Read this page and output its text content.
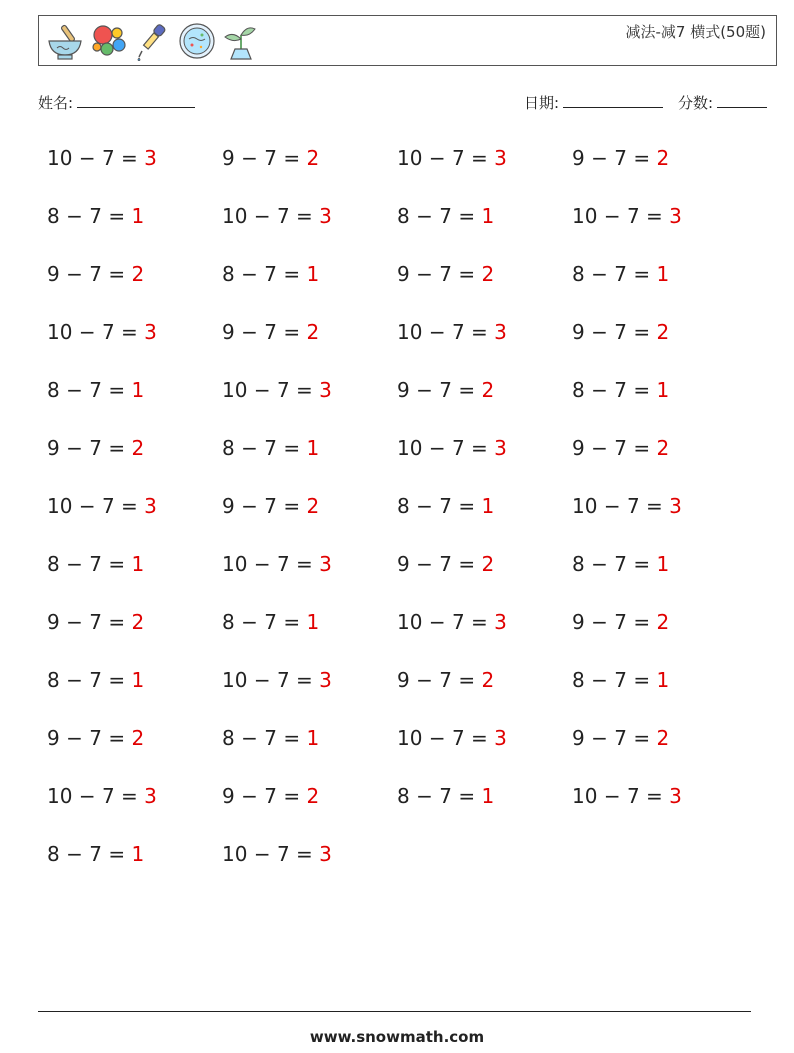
减法-减7 横式(50题)
姓名:	日期:	分数:
10 − 7 = 3	9 − 7 = 2	10 − 7 = 3	9 − 7 = 2
8 − 7 = 1	10 − 7 = 3	8 − 7 = 1	10 − 7 = 3
9 − 7 = 2	8 − 7 = 1	9 − 7 = 2	8 − 7 = 1
10 − 7 = 3	9 − 7 = 2	10 − 7 = 3	9 − 7 = 2
8 − 7 = 1	10 − 7 = 3	9 − 7 = 2	8 − 7 = 1
9 − 7 = 2	8 − 7 = 1	10 − 7 = 3	9 − 7 = 2
10 − 7 = 3	9 − 7 = 2	8 − 7 = 1	10 − 7 = 3
8 − 7 = 1	10 − 7 = 3	9 − 7 = 2	8 − 7 = 1
9 − 7 = 2	8 − 7 = 1	10 − 7 = 3	9 − 7 = 2
8 − 7 = 1	10 − 7 = 3	9 − 7 = 2	8 − 7 = 1
9 − 7 = 2	8 − 7 = 1	10 − 7 = 3	9 − 7 = 2
10 − 7 = 3	9 − 7 = 2	8 − 7 = 1	10 − 7 = 3
8 − 7 = 1	10 − 7 = 3
www.snowmath.com
